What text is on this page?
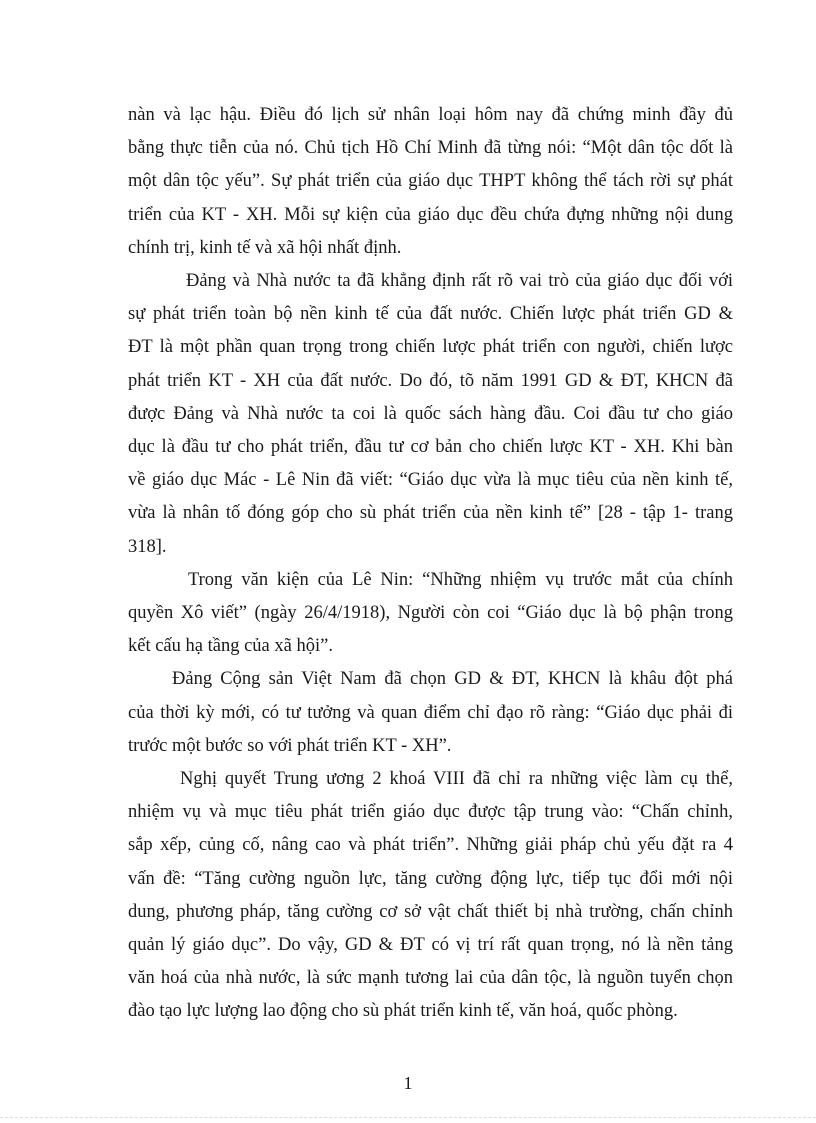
nàn và lạc hậu. Điều đó lịch sử nhân loại hôm nay đã chứng minh đầy đủ
bằng thực tiễn của nó. Chủ tịch Hồ Chí Minh đã từng nói: “Một dân tộc dốt là
một dân tộc yếu”. Sự phát triển của giáo dục THPT không thể tách rời sự phát
triển của KT - XH. Mỗi sự kiện của giáo dục đều chứa đựng những nội dung
chính trị, kinh tế và xã hội nhất định.
Đảng và Nhà nước ta đã khẳng định rất rõ vai trò của giáo dục đối với
sự phát triển toàn bộ nền kinh tế của đất nước. Chiến lược phát triển GD &
ĐT là một phần quan trọng trong chiến lược phát triển con người, chiến lược
phát triển KT - XH của đất nước. Do đó, tõ năm 1991 GD & ĐT, KHCN đã
được Đảng và Nhà nước ta coi là quốc sách hàng đầu. Coi đầu tư cho giáo
dục là đầu tư cho phát triển, đầu tư cơ bản cho chiến lược KT - XH. Khi bàn
về giáo dục Mác - Lê Nin đã viết: “Giáo dục vừa là mục tiêu của nền kinh tế,
vừa là nhân tố đóng góp cho sù phát triển của nền kinh tế” [28 - tập 1- trang
318].
Trong văn kiện của Lê Nin: “Những nhiệm vụ trước mắt của chính
quyền Xô viết” (ngày 26/4/1918), Người còn coi “Giáo dục là bộ phận trong
kết cấu hạ tầng của xã hội”.
Đảng Cộng sản Việt Nam đã chọn GD & ĐT, KHCN là khâu đột phá
của thời kỳ mới, có tư tưởng và quan điểm chỉ đạo rõ ràng: “Giáo dục phải đi
trước một bước so với phát triển KT - XH”.
Nghị quyết Trung ương 2 khoá VIII đã chỉ ra những việc làm cụ thể,
nhiệm vụ và mục tiêu phát triển giáo dục được tập trung vào: “Chấn chỉnh,
sắp xếp, củng cố, nâng cao và phát triển”. Những giải pháp chủ yếu đặt ra 4
vấn đề: “Tăng cường nguồn lực, tăng cường động lực, tiếp tục đổi mới nội
dung, phương pháp, tăng cường cơ sở vật chất thiết bị nhà trường, chấn chỉnh
quản lý giáo dục”. Do vậy, GD & ĐT có vị trí rất quan trọng, nó là nền tảng
văn hoá của nhà nước, là sức mạnh tương lai của dân tộc, là nguồn tuyển chọn
đào tạo lực lượng lao động cho sù phát triển kinh tế, văn hoá, quốc phòng.
1
